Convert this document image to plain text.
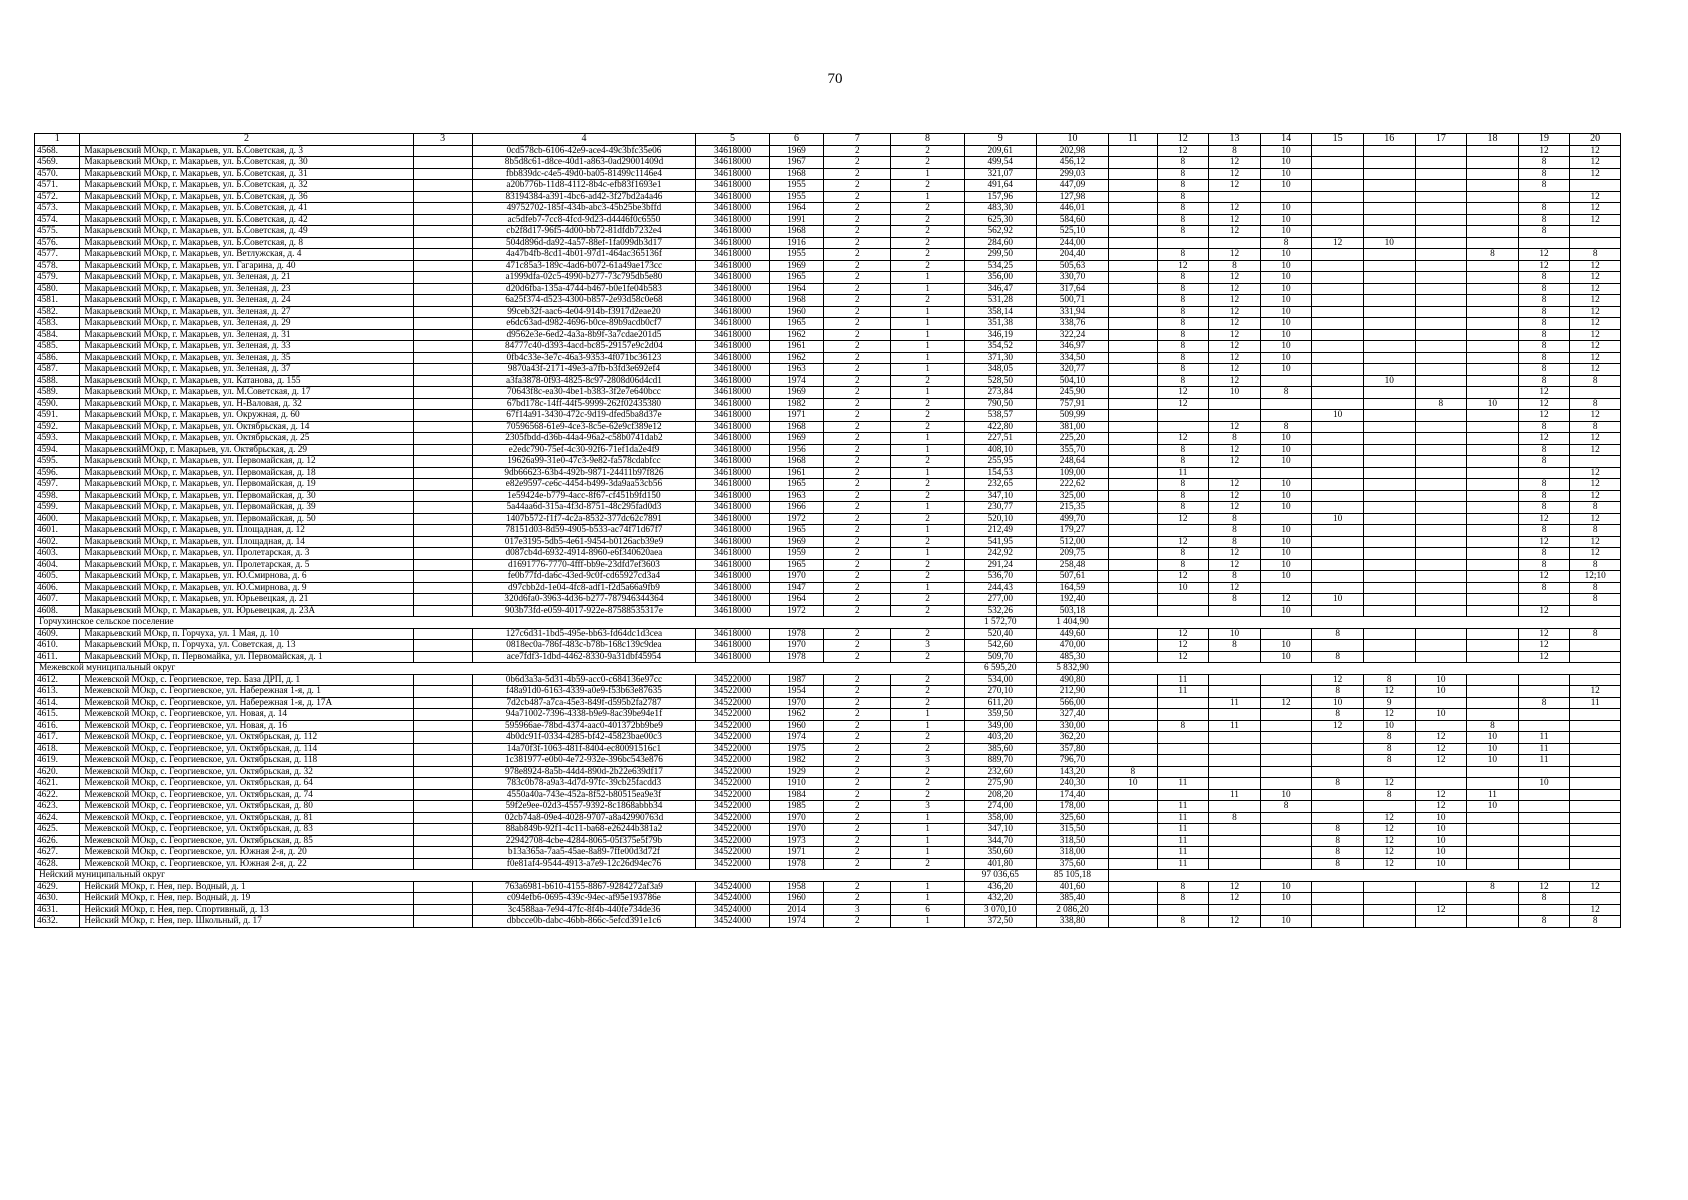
70
1	2	3	4	5	6	7	8	9	10	11	12	13	14	15	16	17	18	19	20
4568.	Макарьевский МОкр, г. Макарьев, ул. Б.Советская, д. 3		0cd578cb-6106-42e9-ace4-49c3bfc35e06	34618000	1969	2	2	209,61	202,98		12	8	10					12	12
4569.	Макарьевский МОкр, г. Макарьев, ул. Б.Советская, д. 30		8b5d8c61-d8ce-40d1-a863-0ad29001409d	34618000	1967	2	2	499,54	456,12		8	12	10					8	12
4570.	Макарьевский МОкр, г. Макарьев, ул. Б.Советская, д. 31		fbb839dc-c4e5-49d0-ba05-81499c1146e4	34618000	1968	2	1	321,07	299,03		8	12	10					8	12
4571.	Макарьевский МОкр, г. Макарьев, ул. Б.Советская, д. 32		a20b776b-11d8-4112-8b4c-efb83f1693e1	34618000	1955	2	2	491,64	447,09		8	12	10					8	
4572.	Макарьевский МОкр, г. Макарьев, ул. Б.Советская, д. 36		83194384-a391-4bc6-ad42-3f27bd2a4a46	34618000	1955	2	1	157,96	127,98		8								12
4573.	Макарьевский МОкр, г. Макарьев, ул. Б.Советская, д. 41		49752702-185f-434b-abc3-45b25be3bffd	34618000	1964	2	2	483,30	446,01		8	12	10					8	12
4574.	Макарьевский МОкр, г. Макарьев, ул. Б.Советская, д. 42		ac5dfeb7-7cc8-4fcd-9d23-d4446f0c6550	34618000	1991	2	2	625,30	584,60		8	12	10					8	12
4575.	Макарьевский МОкр, г. Макарьев, ул. Б.Советская, д. 49		cb2f8d17-96f5-4d00-bb72-81dfdb7232e4	34618000	1968	2	2	562,92	525,10		8	12	10					8	
4576.	Макарьевский МОкр, г. Макарьев, ул. Б.Советская, д. 8		504d896d-da92-4a57-88ef-1fa099db3d17	34618000	1916	2	2	284,60	244,00				8	12	10				
4577.	Макарьевский МОкр, г. Макарьев, ул. Ветлужская, д. 4		4a47b4fb-8cd1-4b01-97d1-464ac365136f	34618000	1955	2	2	299,50	204,40		8	12	10				8	12	8
4578.	Макарьевский МОкр, г. Макарьев, ул. Гагарина, д. 40		471c85a3-189c-4ad6-b072-61a49ae173cc	34618000	1969	2	2	534,25	505,63		12	8	10					12	12
4579.	Макарьевский МОкр, г. Макарьев, ул. Зеленая, д. 21		a1999dfa-02c5-4990-b277-73c795db5e80	34618000	1965	2	1	356,00	330,70		8	12	10					8	12
4580.	Макарьевский МОкр, г. Макарьев, ул. Зеленая, д. 23		d20d6fba-135a-4744-b467-b0e1fe04b583	34618000	1964	2	1	346,47	317,64		8	12	10					8	12
4581.	Макарьевский МОкр, г. Макарьев, ул. Зеленая, д. 24		6a25f374-d523-4300-b857-2e93d58c0e68	34618000	1968	2	2	531,28	500,71		8	12	10					8	12
4582.	Макарьевский МОкр, г. Макарьев, ул. Зеленая, д. 27		99ceb32f-aac6-4e04-914b-f3917d2eae20	34618000	1960	2	1	358,14	331,94		8	12	10					8	12
4583.	Макарьевский МОкр, г. Макарьев, ул. Зеленая, д. 29		e6dc63ad-d982-4696-b0ce-89b9acdb0cf7	34618000	1965	2	1	351,38	338,76		8	12	10					8	12
4584.	Макарьевский МОкр, г. Макарьев, ул. Зеленая, д. 31		d9562e3e-6ed2-4a3a-8b9f-3a7cdae201d5	34618000	1962	2	1	346,19	322,24		8	12	10					8	12
4585.	Макарьевский МОкр, г. Макарьев, ул. Зеленая, д. 33		84777c40-d393-4acd-bc85-29157e9c2d04	34618000	1961	2	1	354,52	346,97		8	12	10					8	12
4586.	Макарьевский МОкр, г. Макарьев, ул. Зеленая, д. 35		0fb4c33e-3e7c-46a3-9353-4f071bc36123	34618000	1962	2	1	371,30	334,50		8	12	10					8	12
4587.	Макарьевский МОкр, г. Макарьев, ул. Зеленая, д. 37		9870a43f-2171-49e3-a7fb-b3fd3e692ef4	34618000	1963	2	1	348,05	320,77		8	12	10					8	12
4588.	Макарьевский МОкр, г. Макарьев, ул. Катанова, д. 155		a3fa3878-0f93-4825-8c97-2808d06d4cd1	34618000	1974	2	2	528,50	504,10		8	12			10			8	8
4589.	Макарьевский МОкр, г. Макарьев, ул. М.Советская, д. 17		70643f8c-ea30-4be1-b383-3f2e7e640bcc	34618000	1969	2	1	273,84	245,90		12	10	8					12	
4590.	Макарьевский МОкр, г. Макарьев, ул. Н-Валовая, д. 32		67bd178c-14ff-44f5-9999-262f02435380	34618000	1982	2	2	790,50	757,91		12					8	10	12	8
4591.	Макарьевский МОкр, г. Макарьев, ул. Окружная, д. 60		67f14a91-3430-472c-9d19-dfed5ba8d37e	34618000	1971	2	2	538,57	509,99					10				12	12
4592.	Макарьевский МОкр, г. Макарьев, ул. Октябрьская, д. 14		70596568-61e9-4ce3-8c5e-62e9cf389e12	34618000	1968	2	2	422,80	381,00			12	8					8	8
4593.	Макарьевский МОкр, г. Макарьев, ул. Октябрьская, д. 25		2305fbdd-d36b-44a4-96a2-c58b0741dab2	34618000	1969	2	1	227,51	225,20		12	8	10					12	12
4594.	МакарьевскийМОкр, г. Макарьев, ул. Октябрьская, д. 29		e2edc790-75ef-4c30-92f6-71ef1da2e4f9	34618000	1956	2	1	408,10	355,70		8	12	10					8	12
4595.	Макарьевский МОкр, г. Макарьев, ул. Первомайская, д. 12		19626a99-31e0-47c3-9e82-fa578cdabfcc	34618000	1968	2	2	255,95	248,64		8	12	10					8	
4596.	Макарьевский МОкр, г. Макарьев, ул. Первомайская, д. 18		9db66623-63b4-492b-9871-24411b97f826	34618000	1961	2	1	154,53	109,00		11								12
4597.	Макарьевский МОкр, г. Макарьев, ул. Первомайская, д. 19		e82e9597-ce6c-4454-b499-3da9aa53cb56	34618000	1965	2	2	232,65	222,62		8	12	10					8	12
4598.	Макарьевский МОкр, г. Макарьев, ул. Первомайская, д. 30		1e59424e-b779-4acc-8f67-cf451b9fd150	34618000	1963	2	2	347,10	325,00		8	12	10					8	12
4599.	Макарьевский МОкр, г. Макарьев, ул. Первомайская, д. 39		5a44aa6d-315a-4f3d-8751-48c295fad0d3	34618000	1966	2	1	230,77	215,35		8	12	10					8	8
4600.	Макарьевский МОкр, г. Макарьев, ул. Первомайская, д. 50		1407b572-f1f7-4c2a-8532-377dc62c7891	34618000	1972	2	2	520,10	499,70		12	8		10				12	12
4601.	Макарьевский МОкр, г. Макарьев, ул. Площадная, д. 12		78151d03-8d59-4905-b533-ac74f71d67f7	34618000	1965	2	1	212,49	179,27			8	10					8	8
4602.	Макарьевский МОкр, г. Макарьев, ул. Площадная, д. 14		017e3195-5db5-4e61-9454-b0126acb39e9	34618000	1969	2	2	541,95	512,00		12	8	10					12	12
4603.	Макарьевский МОкр, г. Макарьев, ул. Пролетарская, д. 3		d087cb4d-6932-4914-8960-e6f340620aea	34618000	1959	2	1	242,92	209,75		8	12	10					8	12
4604.	Макарьевский МОкр, г. Макарьев, ул. Пролетарская, д. 5		d1691776-7770-4fff-bb9e-23dfd7ef3603	34618000	1965	2	2	291,24	258,48		8	12	10					8	8
4605.	Макарьевский МОкр, г. Макарьев, ул. Ю.Смирнова, д. 6		fe0b77fd-da6c-43ed-9c0f-cd65927cd3a4	34618000	1970	2	2	536,70	507,61		12	8	10					12	12;10
4606.	Макарьевский МОкр, г. Макарьев, ул. Ю.Смирнова, д. 9		d97cbb2d-1e04-4fc8-adf1-f2d5a66a9fb9	34618000	1947	2	1	244,43	164,59		10	12						8	8
4607.	Макарьевский МОкр, г. Макарьев, ул. Юрьевецкая, д. 21		320d6fa0-3963-4d36-b277-787946344364	34618000	1964	2	2	277,00	192,40			8	12	10					8
4608.	Макарьевский МОкр, г. Макарьев, ул. Юрьевецкая, д. 23А		903b73fd-e059-4017-922e-87588535317e	34618000	1972	2	2	532,26	503,18				10					12	
Горчухинское сельское поселение								1 572,70	1 404,90										
4609.	Макарьевский МОкр, п. Горчуха, ул. 1 Мая, д. 10		127c6d31-1bd5-495e-bb63-fd64dc1d3cea	34618000	1978	2	2	520,40	449,60		12	10		8				12	8
4610.	Макарьевский МОкр, п. Горчуха, ул. Советская, д. 13		0818ec0a-786f-483c-b78b-168c139c9dea	34618000	1970	2	3	542,60	470,00		12	8	10					12	
4611.	Макарьевский МОкр, п. Первомайка, ул. Первомайская, д. 1		ace7fdf3-1dbd-4462-8330-9a31dbf45954	34618000	1978	2	2	509,70	485,30		12		10	8				12	
Межевской муниципальный округ								6 595,20	5 832,90										
4612.	Межевской МОкр, с. Георгиевское, тер. База ДРП, д. 1		0b6d3a3a-5d31-4b59-acc0-c684136e97cc	34522000	1987	2	2	534,00	490,80		11			12	8	10			
4613.	Межевской МОкр, с. Георгиевское, ул. Набережная 1-я, д. 1		f48a91d0-6163-4339-a0e9-f53b63e87635	34522000	1954	2	2	270,10	212,90		11			8	12	10			12
4614.	Межевской МОкр, с. Георгиевское, ул. Набережная 1-я, д. 17А		7d2cb487-a7ca-45e3-849f-d595b2fa2787	34522000	1970	2	2	611,20	566,00			11	12	10	9			8	11
4615.	Межевской МОкр, с. Георгиевское, ул. Новая, д. 14		94a71002-7396-4338-b9e9-8ac39be94e1f	34522000	1962	2	1	359,50	327,40					8	12	10			
4616.	Межевской МОкр, с. Георгиевское, ул. Новая, д. 16		595966ae-78bd-4374-aac0-401372bb9be9	34522000	1960	2	1	349,00	330,00		8	11		12	10		8		
4617.	Межевской МОкр, с. Георгиевское, ул. Октябрьская, д. 112		4b0dc91f-0334-4285-bf42-45823bae00c3	34522000	1974	2	2	403,20	362,20						8	12	10	11	
4618.	Межевской МОкр, с. Георгиевское, ул. Октябрьская, д. 114		14a70f3f-1063-481f-8404-ec80091516c1	34522000	1975	2	2	385,60	357,80						8	12	10	11	
4619.	Межевской МОкр, с. Георгиевское, ул. Октябрьская, д. 118		1c381977-e0b0-4e72-932e-396bc543e876	34522000	1982	2	3	889,70	796,70						8	12	10	11	
4620.	Межевской МОкр, с. Георгиевское, ул. Октябрьская, д. 32		978e8924-8a5b-44d4-890d-2b22e639df17	34522000	1929	2	2	232,60	143,20	8									
4621.	Межевской МОкр, с. Георгиевское, ул. Октябрьская, д. 64		783c0b78-a9a3-4d7d-97fc-39cb25facdd3	34522000	1910	2	2	275,90	240,30	10	11			8	12			10	
4622.	Межевской МОкр, с. Георгиевское, ул. Октябрьская, д. 74		4550a40a-743e-452a-8f52-b80515ea9e3f	34522000	1984	2	2	208,20	174,40			11	10		8	12	11		
4623.	Межевской МОкр, с. Георгиевское, ул. Октябрьская, д. 80		59f2e9ee-02d3-4557-9392-8c1868abbb34	34522000	1985	2	3	274,00	178,00		11		8			12	10		
4624.	Межевской МОкр, с. Георгиевское, ул. Октябрьская, д. 81		02cb74a8-09e4-4028-9707-a8a42990763d	34522000	1970	2	1	358,00	325,60		11	8			12	10			
4625.	Межевской МОкр, с. Георгиевское, ул. Октябрьская, д. 83		88ab849b-92f1-4c11-ba68-e26244b381a2	34522000	1970	2	1	347,10	315,50		11			8	12	10			
4626.	Межевской МОкр, с. Георгиевское, ул. Октябрьская, д. 85		22942708-4cbe-4284-8065-05f375e5f79b	34522000	1973	2	1	344,70	318,50		11			8	12	10			
4627.	Межевской МОкр, с. Георгиевское, ул. Южная 2-я, д. 20		b13a365a-7aa5-45ae-8a89-7ffe00d3d72f	34522000	1971	2	1	350,60	318,00		11			8	12	10			
4628.	Межевской МОкр, с. Георгиевское, ул. Южная 2-я, д. 22		f0e81af4-9544-4913-a7e9-12c26d94ec76	34522000	1978	2	2	401,80	375,60		11			8	12	10			
Нейский муниципальный округ								97 036,65	85 105,18										
4629.	Нейский МОкр, г. Нея, пер. Водный, д. 1		763a6981-b610-4155-8867-9284272af3a9	34524000	1958	2	1	436,20	401,60		8	12	10				8	12	12
4630.	Нейский МОкр, г. Нея, пер. Водный, д. 19		c094efb6-0695-439c-94ec-af95e193786e	34524000	1960	2	1	432,20	385,40		8	12	10					8	
4631.	Нейский МОкр, г. Нея, пер. Спортивный, д. 13		3c4588aa-7e94-47fc-8f4b-440fe734de36	34524000	2014	3	6	3 070,10	2 086,20							12			12
4632.	Нейский МОкр, г. Нея, пер. Школьный, д. 17		dbbcce0b-dabc-46bb-866c-5efcd391e1c6	34524000	1974	2	1	372,50	338,80		8	12	10					8	8
